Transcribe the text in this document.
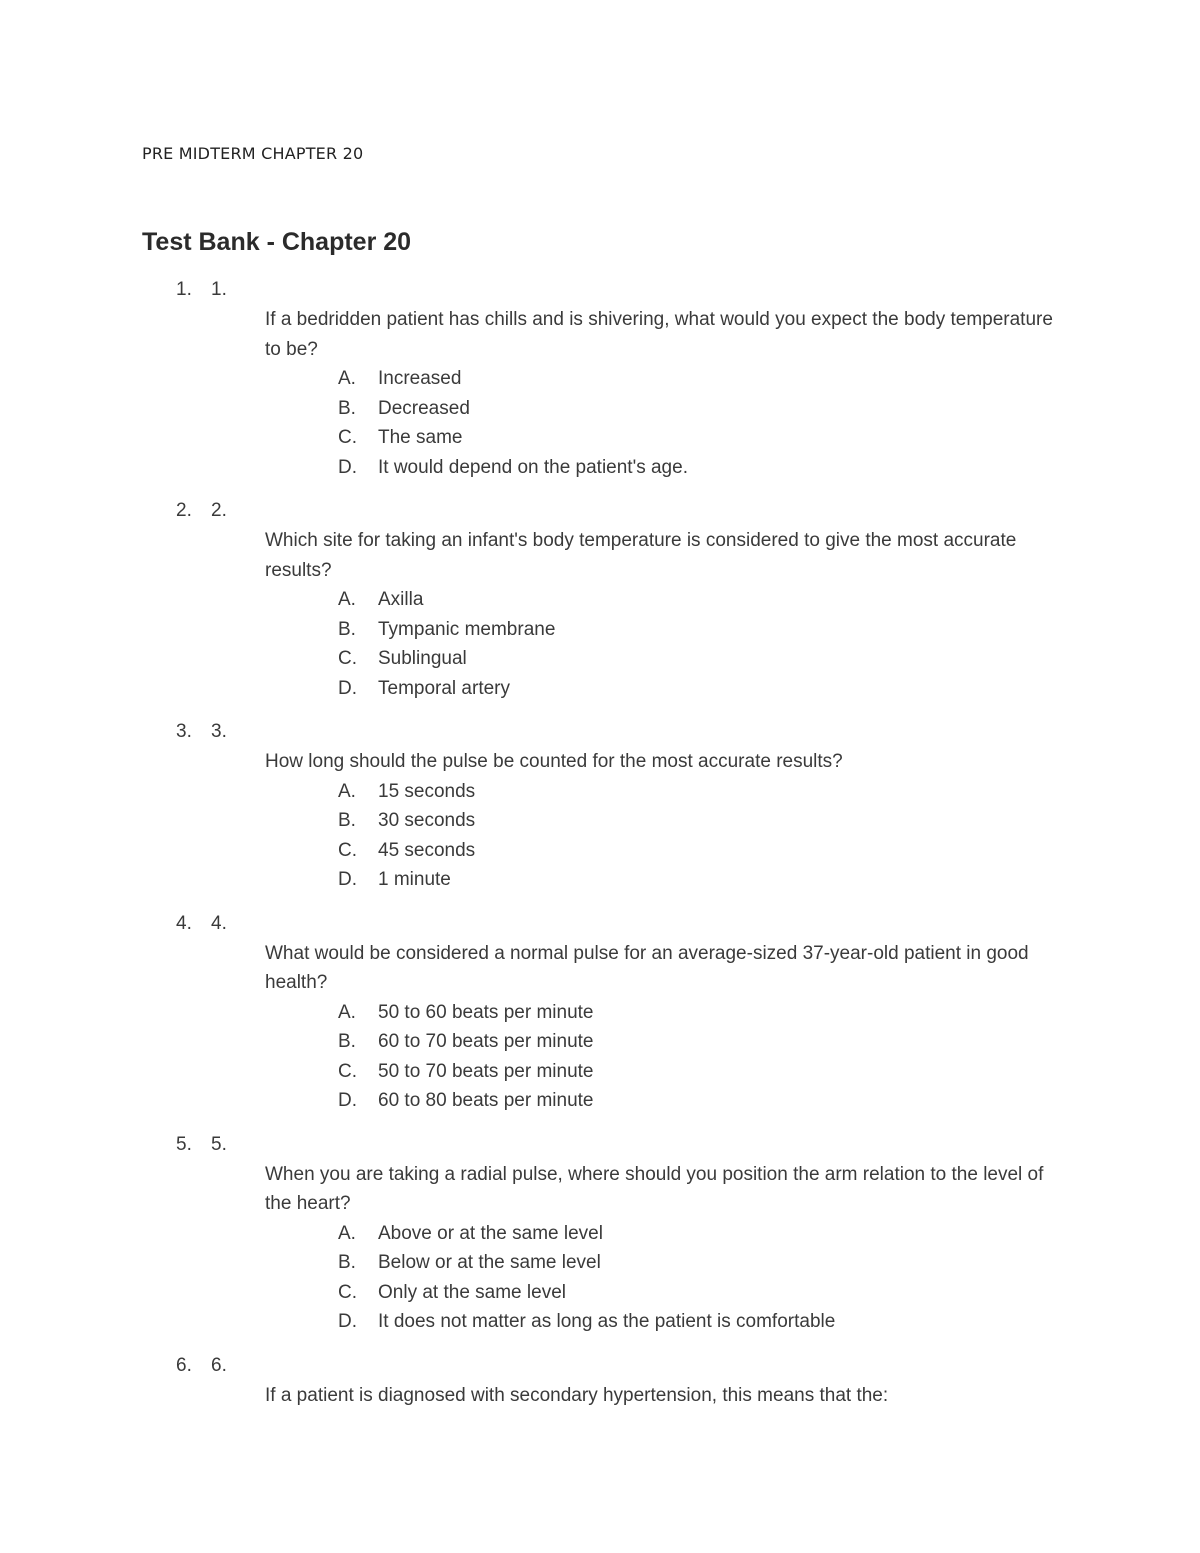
PRE MIDTERM CHAPTER 20
Test Bank - Chapter 20
1. 1.
If a bedridden patient has chills and is shivering, what would you expect the body temperature to be?
A. Increased
B. Decreased
C. The same
D. It would depend on the patient's age.
2. 2.
Which site for taking an infant's body temperature is considered to give the most accurate results?
A. Axilla
B. Tympanic membrane
C. Sublingual
D. Temporal artery
3. 3.
How long should the pulse be counted for the most accurate results?
A. 15 seconds
B. 30 seconds
C. 45 seconds
D. 1 minute
4. 4.
What would be considered a normal pulse for an average-sized 37-year-old patient in good health?
A. 50 to 60 beats per minute
B. 60 to 70 beats per minute
C. 50 to 70 beats per minute
D. 60 to 80 beats per minute
5. 5.
When you are taking a radial pulse, where should you position the arm relation to the level of the heart?
A. Above or at the same level
B. Below or at the same level
C. Only at the same level
D. It does not matter as long as the patient is comfortable
6. 6.
If a patient is diagnosed with secondary hypertension, this means that the:
